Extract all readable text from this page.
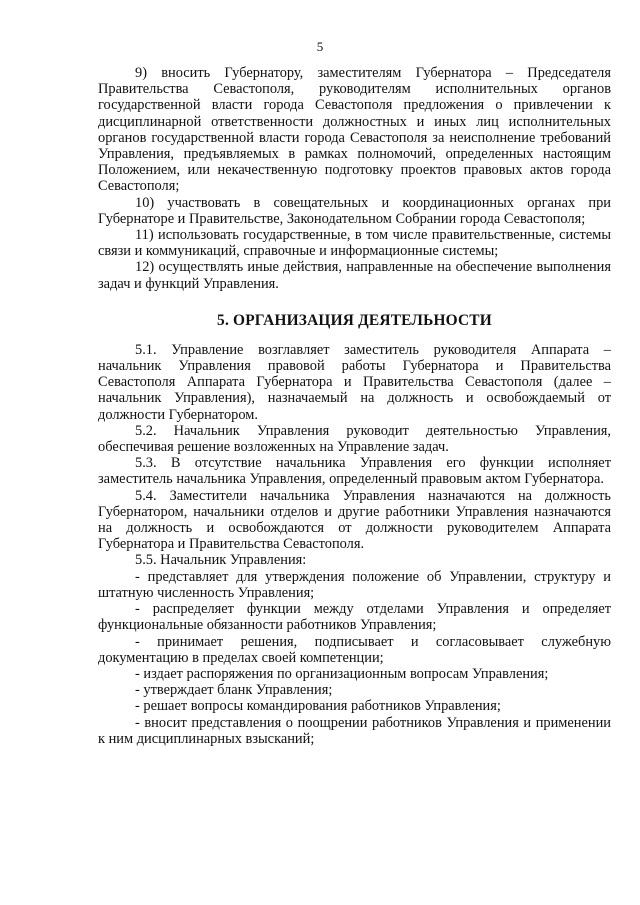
5

9) вносить Губернатору, заместителям Губернатора – Председателя Правительства Севастополя, руководителям исполнительных органов государственной власти города Севастополя предложения о привлечении к дисциплинарной ответственности должностных и иных лиц исполнительных органов государственной власти города Севастополя за неисполнение требований Управления, предъявляемых в рамках полномочий, определенных настоящим Положением, или некачественную подготовку проектов правовых актов города Севастополя;

10) участвовать в совещательных и координационных органах при Губернаторе и Правительстве, Законодательном Собрании города Севастополя;

11) использовать государственные, в том числе правительственные, системы связи и коммуникаций, справочные и информационные системы;

12) осуществлять иные действия, направленные на обеспечение выполнения задач и функций Управления.

5. ОРГАНИЗАЦИЯ ДЕЯТЕЛЬНОСТИ

5.1. Управление возглавляет заместитель руководителя Аппарата – начальник Управления правовой работы Губернатора и Правительства Севастополя Аппарата Губернатора и Правительства Севастополя (далее – начальник Управления), назначаемый на должность и освобождаемый от должности Губернатором.

5.2. Начальник Управления руководит деятельностью Управления, обеспечивая решение возложенных на Управление задач.

5.3. В отсутствие начальника Управления его функции исполняет заместитель начальника Управления, определенный правовым актом Губернатора.

5.4. Заместители начальника Управления назначаются на должность Губернатором, начальники отделов и другие работники Управления назначаются на должность и освобождаются от должности руководителем Аппарата Губернатора и Правительства Севастополя.

5.5. Начальник Управления:

- представляет для утверждения положение об Управлении, структуру и штатную численность Управления;

- распределяет функции между отделами Управления и определяет функциональные обязанности работников Управления;

- принимает решения, подписывает и согласовывает служебную документацию в пределах своей компетенции;

- издает распоряжения по организационным вопросам Управления;

- утверждает бланк Управления;

- решает вопросы командирования работников Управления;

- вносит представления о поощрении работников Управления и применении к ним дисциплинарных взысканий;
